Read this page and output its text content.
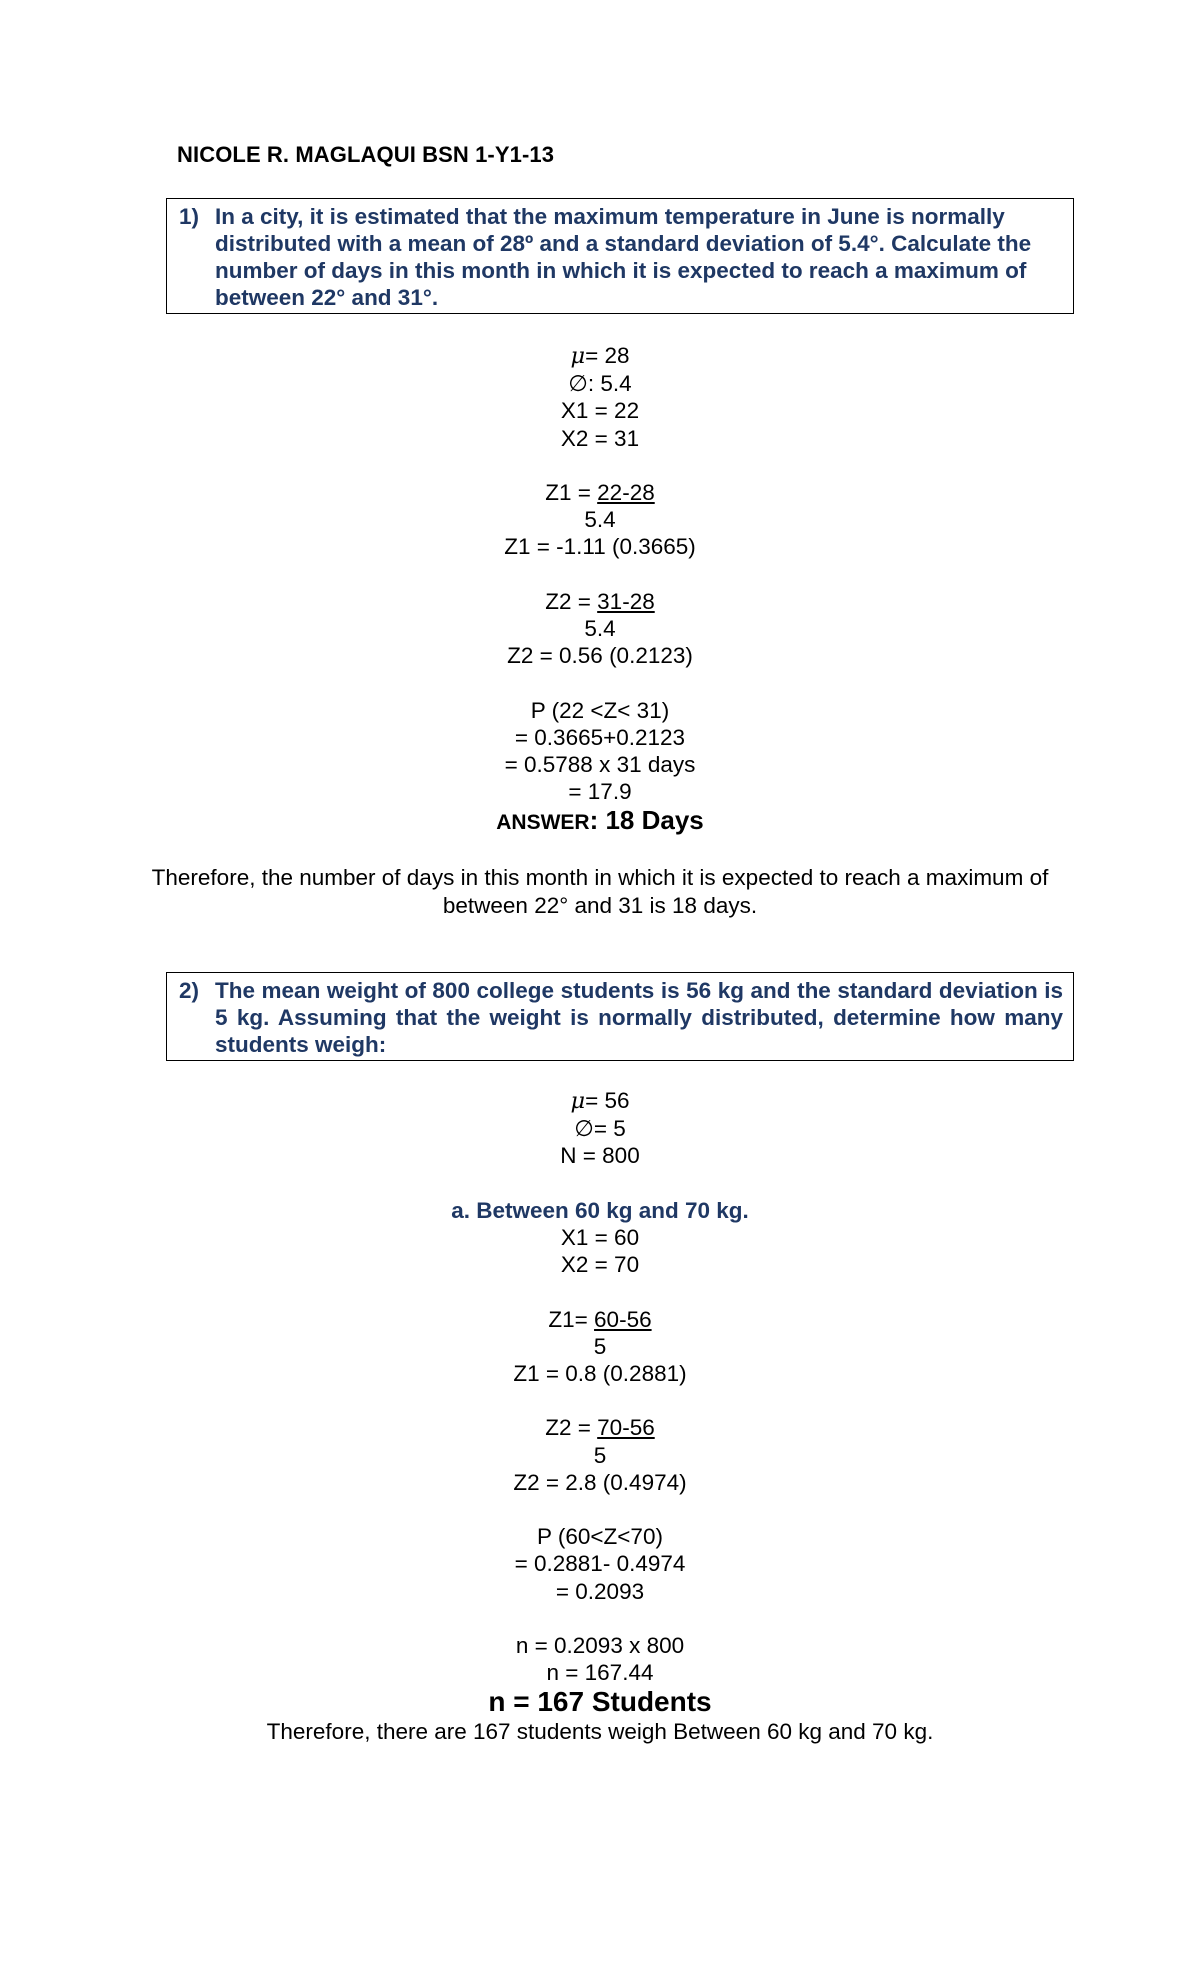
NICOLE R. MAGLAQUI BSN 1-Y1-13
1) In a city, it is estimated that the maximum temperature in June is normally distributed with a mean of 28º and a standard deviation of 5.4°. Calculate the number of days in this month in which it is expected to reach a maximum of between 22° and 31°.
μ= 28
∅: 5.4
X1 = 22
X2 = 31
Z1 = 22-28
5.4
Z1 = -1.11 (0.3665)
Z2 = 31-28
5.4
Z2 = 0.56 (0.2123)
P (22 <Z< 31)
= 0.3665+0.2123
= 0.5788 x 31 days
= 17.9
ANSWER: 18 Days
Therefore, the number of days in this month in which it is expected to reach a maximum of between 22° and 31 is 18 days.
2) The mean weight of 800 college students is 56 kg and the standard deviation is 5 kg. Assuming that the weight is normally distributed, determine how many students weigh:
μ= 56
∅= 5
N = 800
a. Between 60 kg and 70 kg.
X1 = 60
X2 = 70
Z1= 60-56
5
Z1 = 0.8 (0.2881)
Z2 = 70-56
5
Z2 = 2.8 (0.4974)
P (60<Z<70)
= 0.2881- 0.4974
= 0.2093
n = 0.2093 x 800
n = 167.44
n = 167 Students
Therefore, there are 167 students weigh Between 60 kg and 70 kg.
